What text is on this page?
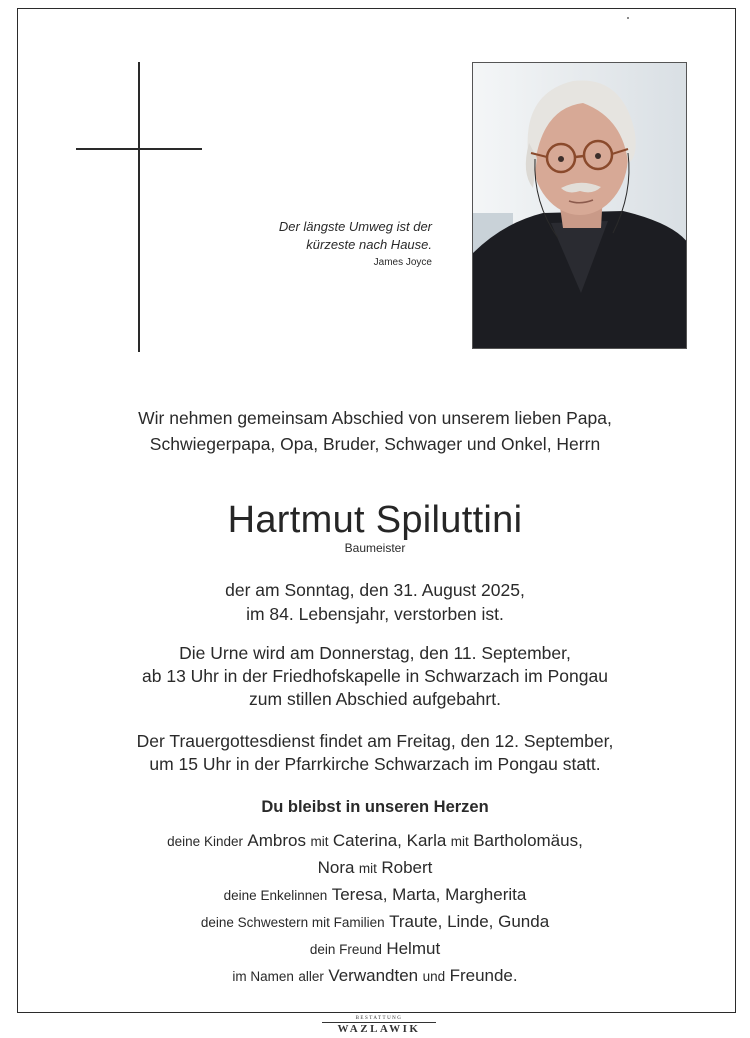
Der längste Umweg ist der
kürzeste nach Hause.
James Joyce
Wir nehmen gemeinsam Abschied von unserem lieben Papa,
Schwiegerpapa, Opa, Bruder, Schwager und Onkel, Herrn
Hartmut Spiluttini
Baumeister
der am Sonntag, den 31. August 2025,
im 84. Lebensjahr, verstorben ist.
Die Urne wird am Donnerstag, den 11. September,
ab 13 Uhr in der Friedhofskapelle in Schwarzach im Pongau
zum stillen Abschied aufgebahrt.
Der Trauergottesdienst findet am Freitag, den 12. September,
um 15 Uhr in der Pfarrkirche Schwarzach im Pongau statt.
Du bleibst in unseren Herzen
deine Kinder Ambros mit Caterina, Karla mit Bartholomäus,
Nora mit Robert
deine Enkelinnen Teresa, Marta, Margherita
deine Schwestern mit Familien Traute, Linde, Gunda
dein Freund Helmut
im Namen aller Verwandten und Freunde.
BESTATTUNG
WAZLAWIK
